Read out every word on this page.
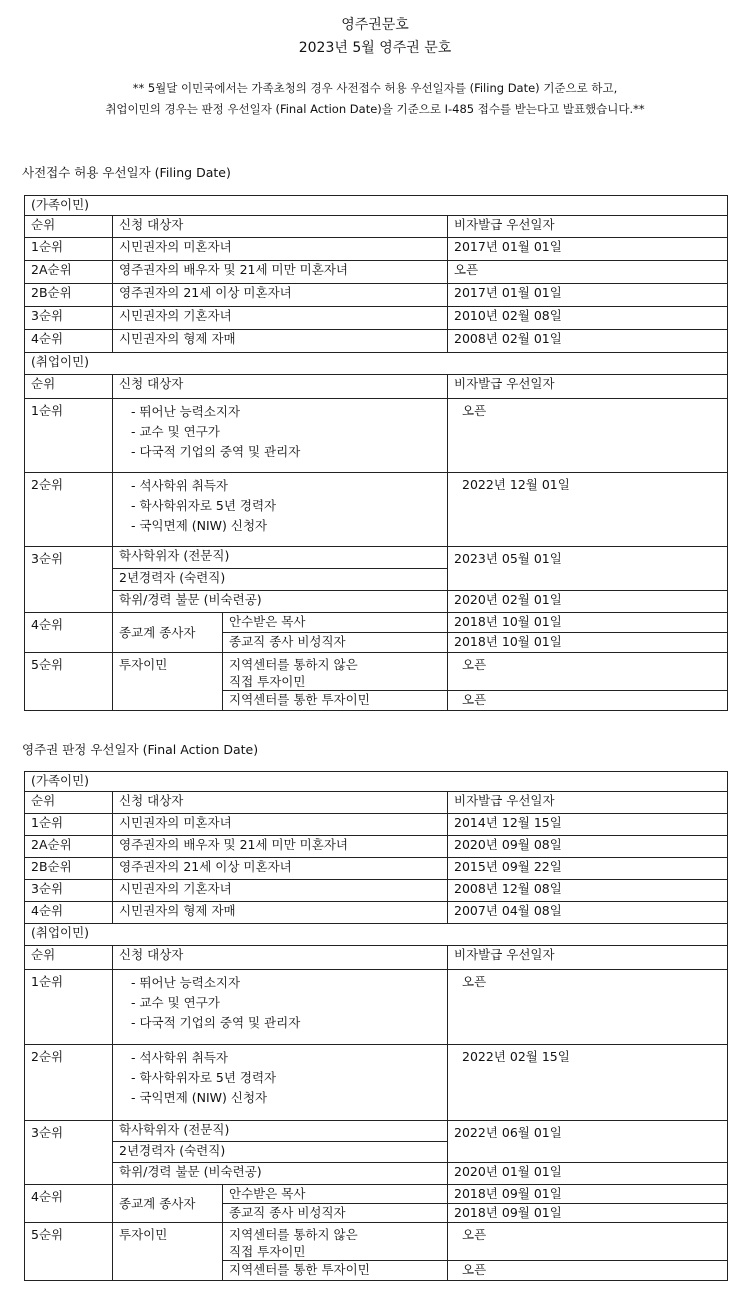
영주권문호
2023년 5월 영주권 문호
** 5월달 이민국에서는 가족초청의 경우 사전접수 허용 우선일자를 (Filing Date) 기준으로 하고,
취업이민의 경우는 판정 우선일자 (Final Action Date)을 기준으로 I-485 접수를 받는다고 발표했습니다.**
사전접수 허용 우선일자 (Filing Date)
(가족이민)			
순위	신청 대상자		비자발급 우선일자
1순위	시민권자의 미혼자녀		2017년 01월 01일
2A순위	영주권자의 배우자 및 21세 미만 미혼자녀		오픈
2B순위	영주권자의 21세 이상 미혼자녀		2017년 01월 01일
3순위	시민권자의 기혼자녀		2010년 02월 08일
4순위	시민권자의 형제 자매		2008년 02월 01일
(취업이민)			
순위	신청 대상자		비자발급 우선일자
1순위	- 뛰어난 능력소지자
- 교수 및 연구가
- 다국적 기업의 중역 및 관리자		오픈
2순위	- 석사학위 취득자
- 학사학위자로 5년 경력자
- 국익면제 (NIW) 신청자		2022년 12월 01일
3순위	학사학위자 (전문직)		2023년 05월 01일
	2년경력자 (숙련직)		
	학위/경력 불문 (비숙련공)		2020년 02월 01일
4순위	종교계 종사자	안수받은 목사	2018년 10월 01일
		종교직 종사 비성직자	2018년 10월 01일
5순위	투자이민	지역센터를 통하지 않은
직접 투자이민	오픈
		지역센터를 통한 투자이민	오픈
영주권 판정 우선일자 (Final Action Date)
(가족이민)			
순위	신청 대상자		비자발급 우선일자
1순위	시민권자의 미혼자녀		2014년 12월 15일
2A순위	영주권자의 배우자 및 21세 미만 미혼자녀		2020년 09월 08일
2B순위	영주권자의 21세 이상 미혼자녀		2015년 09월 22일
3순위	시민권자의 기혼자녀		2008년 12월 08일
4순위	시민권자의 형제 자매		2007년 04월 08일
(취업이민)			
순위	신청 대상자		비자발급 우선일자
1순위	- 뛰어난 능력소지자
- 교수 및 연구가
- 다국적 기업의 중역 및 관리자		오픈
2순위	- 석사학위 취득자
- 학사학위자로 5년 경력자
- 국익면제 (NIW) 신청자		2022년 02월 15일
3순위	학사학위자 (전문직)		2022년 06월 01일
	2년경력자 (숙련직)		
	학위/경력 불문 (비숙련공)		2020년 01월 01일
4순위	종교계 종사자	안수받은 목사	2018년 09월 01일
		종교직 종사 비성직자	2018년 09월 01일
5순위	투자이민	지역센터를 통하지 않은
직접 투자이민	오픈
		지역센터를 통한 투자이민	오픈
